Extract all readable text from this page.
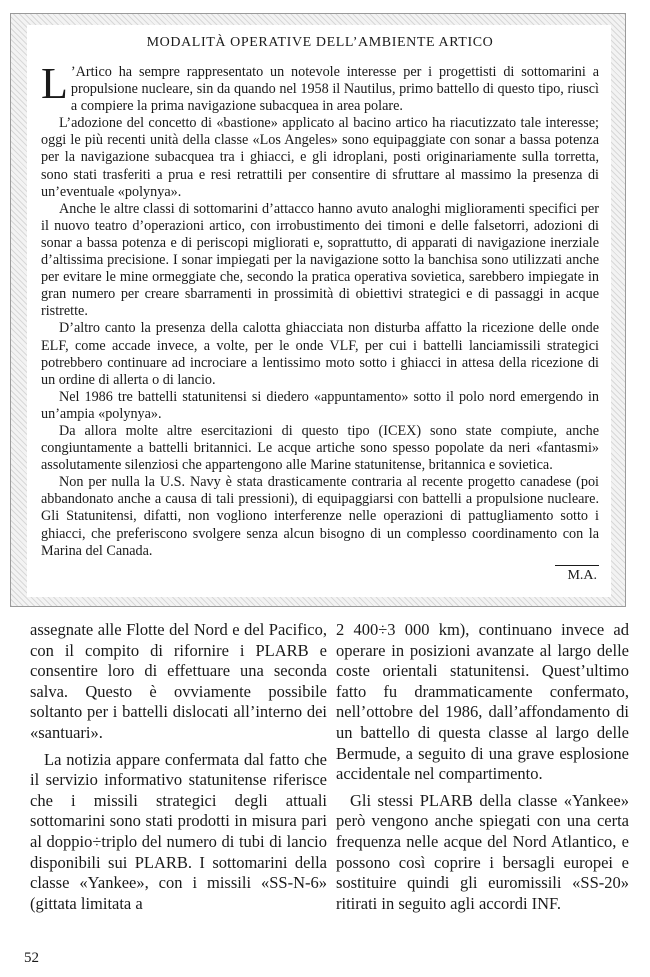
MODALITÀ OPERATIVE DELL’AMBIENTE ARTICO

L ’Artico ha sempre rappresentato un notevole interesse per i progettisti di sottomarini a propulsione nucleare, sin da quando nel 1958 il Nautilus, primo battello di questo tipo, riuscì a compiere la prima navigazione subacquea in area polare.

L’adozione del concetto di «bastione» applicato al bacino artico ha riacutizzato tale interesse; oggi le più recenti unità della classe «Los Angeles» sono equipaggiate con sonar a bassa potenza per la navigazione subacquea tra i ghiacci, e gli idroplani, posti originariamente sulla torretta, sono stati trasferiti a prua e resi retrattili per consentire di sfruttare al massimo la presenza di un’eventuale «polynya».

Anche le altre classi di sottomarini d’attacco hanno avuto analoghi miglioramenti specifici per il nuovo teatro d’operazioni artico, con irrobustimento dei timoni e delle falsetorri, adozioni di sonar a bassa potenza e di periscopi migliorati e, soprattutto, di apparati di navigazione inerziale d’altissima precisione. I sonar impiegati per la navigazione sotto la banchisa sono utilizzati anche per evitare le mine ormeggiate che, secondo la pratica operativa sovietica, sarebbero impiegate in gran numero per creare sbarramenti in prossimità di obiettivi strategici e di passaggi in acque ristrette.

D’altro canto la presenza della calotta ghiacciata non disturba affatto la ricezione delle onde ELF, come accade invece, a volte, per le onde VLF, per cui i battelli lanciamissili strategici potrebbero continuare ad incrociare a lentissimo moto sotto i ghiacci in attesa della ricezione di un ordine di allerta o di lancio.

Nel 1986 tre battelli statunitensi si diedero «appuntamento» sotto il polo nord emergendo in un’ampia «polynya».

Da allora molte altre esercitazioni di questo tipo (ICEX) sono state compiute, anche congiuntamente a battelli britannici. Le acque artiche sono spesso popolate da neri «fantasmi» assolutamente silenziosi che appartengono alle Marine statunitense, britannica e sovietica.

Non per nulla la U.S. Navy è stata drasticamente contraria al recente progetto canadese (poi abbandonato anche a causa di tali pressioni), di equipaggiarsi con battelli a propulsione nucleare. Gli Statunitensi, difatti, non vogliono interferenze nelle operazioni di pattugliamento sotto i ghiacci, che preferiscono svolgere senza alcun bisogno di un complesso coordinamento con la Marina del Canada.

M.A.

assegnate alle Flotte del Nord e del Pacifico, con il compito di rifornire i PLARB e consentire loro di effettuare una seconda salva. Questo è ovviamente possibile soltanto per i battelli dislocati all’interno dei «santuari».

La notizia appare confermata dal fatto che il servizio informativo statunitense riferisce che i missili strategici degli attuali sottomarini sono stati prodotti in misura pari al doppio÷triplo del numero di tubi di lancio disponibili sui PLARB. I sottomarini della classe «Yankee», con i missili «SS-N-6» (gittata limitata a

2 400÷3 000 km), continuano invece ad operare in posizioni avanzate al largo delle coste orientali statunitensi. Quest’ultimo fatto fu drammaticamente confermato, nell’ottobre del 1986, dall’affondamento di un battello di questa classe al largo delle Bermude, a seguito di una grave esplosione accidentale nel compartimento.

Gli stessi PLARB della classe «Yankee» però vengono anche spiegati con una certa frequenza nelle acque del Nord Atlantico, e possono così coprire i bersagli europei e sostituire quindi gli euromissili «SS-20» ritirati in seguito agli accordi INF.

52
